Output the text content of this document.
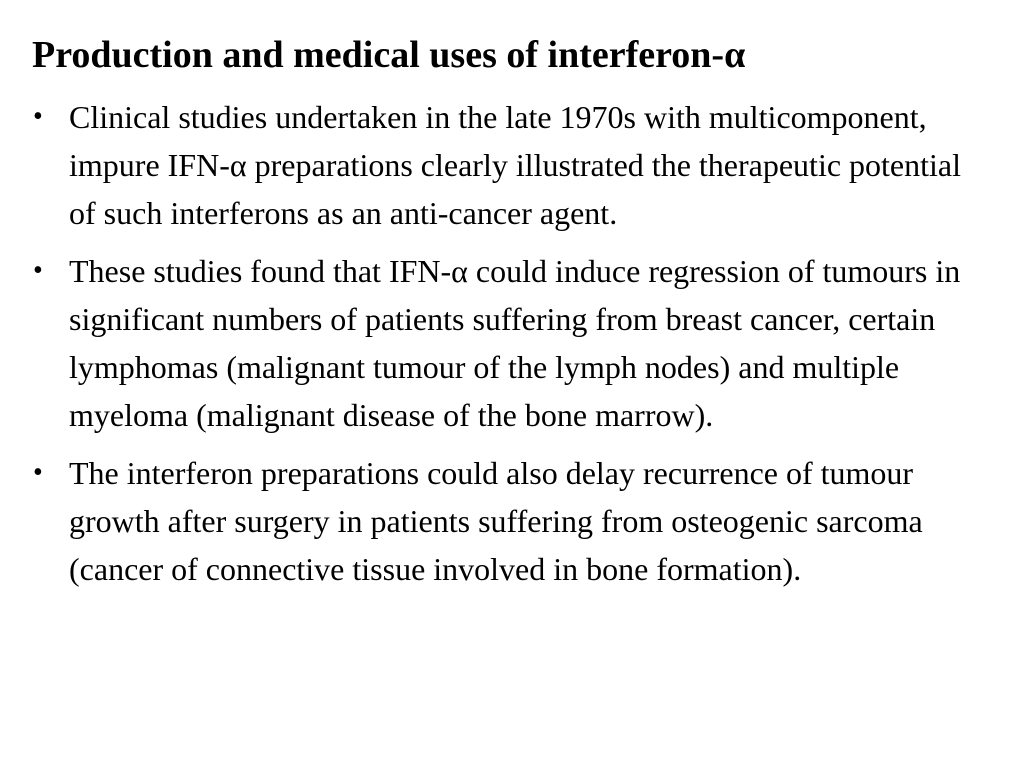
Production and medical uses of interferon-α
• Clinical studies undertaken in the late 1970s with multicomponent, impure IFN-α preparations clearly illustrated the therapeutic potential of such interferons as an anti-cancer agent.
• These studies found that IFN-α could induce regression of tumours in significant numbers of patients suffering from breast cancer, certain lymphomas (malignant tumour of the lymph nodes) and multiple myeloma (malignant disease of the bone marrow).
• The interferon preparations could also delay recurrence of tumour growth after surgery in patients suffering from osteogenic sarcoma (cancer of connective tissue involved in bone formation).
